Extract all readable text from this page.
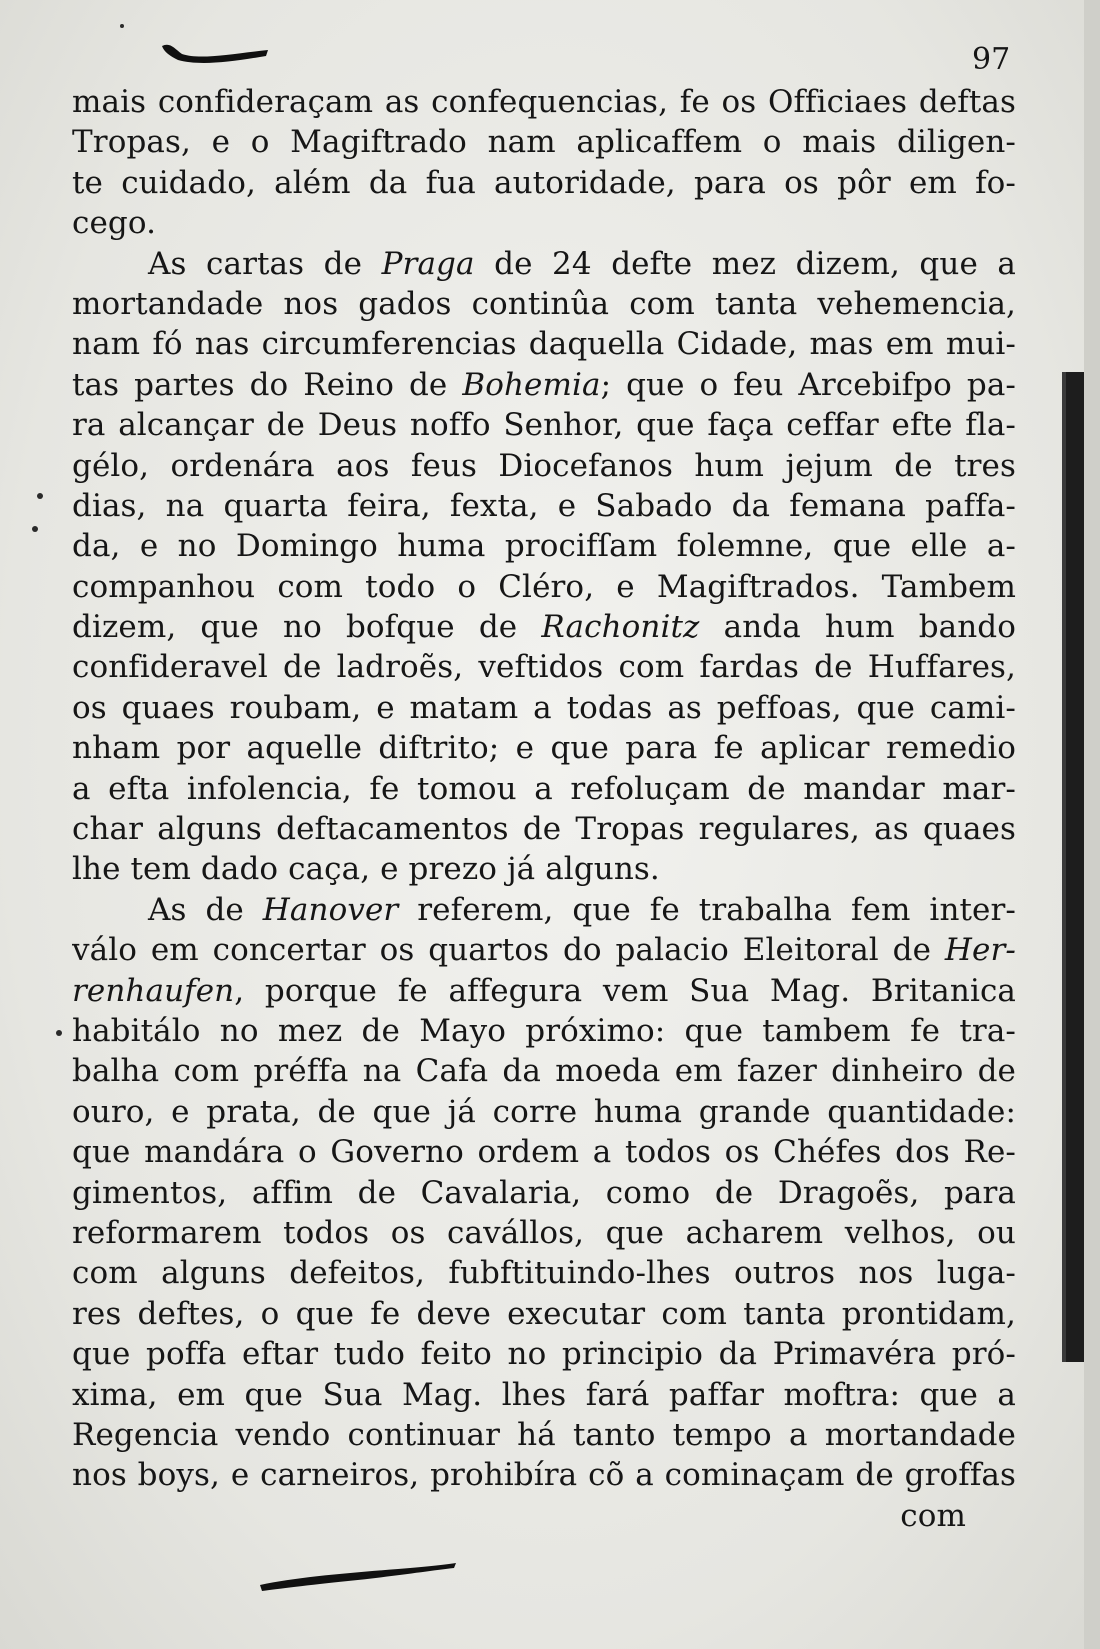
97
mais confideraçam as confequencias, fe os Officiaes deftas
Tropas, e o Magiftrado nam aplicaffem o mais diligen-
te cuidado, além da fua autoridade, para os pôr em fo-
cego.
As cartas de Praga de 24 defte mez dizem, que a
mortandade nos gados continûa com tanta vehemencia,
nam fó nas circumferencias daquella Cidade, mas em mui-
tas partes do Reino de Bohemia; que o feu Arcebifpo pa-
ra alcançar de Deus noffo Senhor, que faça ceffar efte fla-
gélo, ordenára aos feus Diocefanos hum jejum de tres
dias, na quarta feira, fexta, e Sabado da femana paffa-
da, e no Domingo huma procifſam folemne, que elle a-
companhou com todo o Cléro, e Magiftrados. Tambem
dizem, que no bofque de Rachonitz anda hum bando
confideravel de ladroẽs, veftidos com fardas de Huffares,
os quaes roubam, e matam a todas as peffoas, que cami-
nham por aquelle diftrito; e que para fe aplicar remedio
a efta infolencia, fe tomou a refoluçam de mandar mar-
char alguns deftacamentos de Tropas regulares, as quaes
lhe tem dado caça, e prezo já alguns.
As de Hanover referem, que fe trabalha fem inter-
válo em concertar os quartos do palacio Eleitoral de Her-
renhaufen, porque fe affegura vem Sua Mag. Britanica
habitálo no mez de Mayo próximo: que tambem fe tra-
balha com préffa na Cafa da moeda em fazer dinheiro de
ouro, e prata, de que já corre huma grande quantidade:
que mandára o Governo ordem a todos os Chéfes dos Re-
gimentos, affim de Cavalaria, como de Dragoẽs, para
reformarem todos os cavállos, que acharem velhos, ou
com alguns defeitos, fubftituindo-lhes outros nos luga-
res deftes, o que fe deve executar com tanta prontidam,
que poffa eftar tudo feito no principio da Primavéra pró-
xima, em que Sua Mag. lhes fará paffar moftra: que a
Regencia vendo continuar há tanto tempo a mortandade
nos boys, e carneiros, prohibíra cõ a cominaçam de groffas
com
